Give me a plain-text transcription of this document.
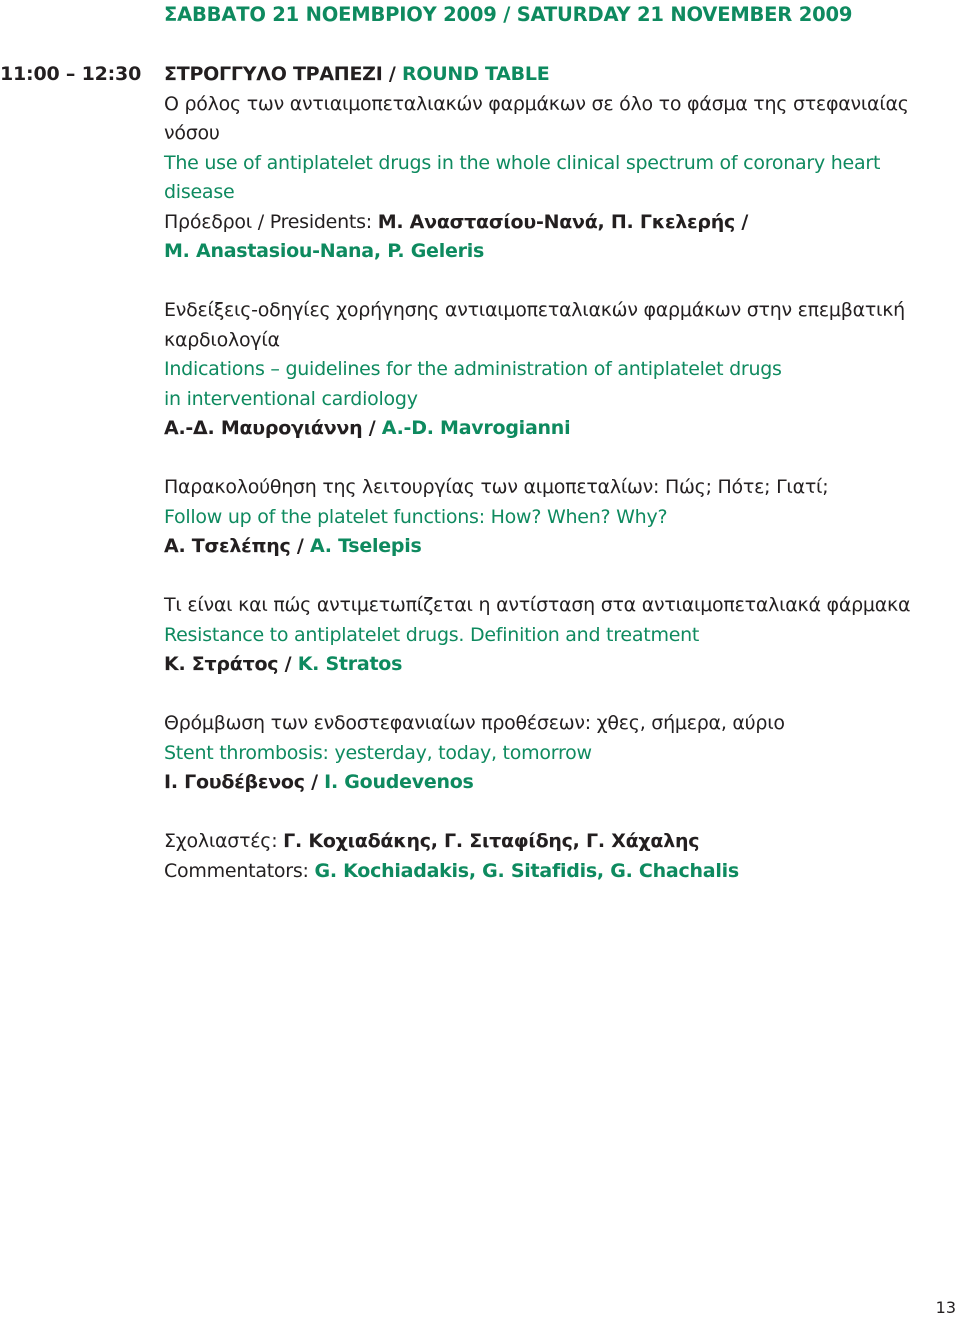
ΣΑΒΒΑΤΟ 21 ΝΟΕΜΒΡΙΟΥ 2009 / SATURDAY 21 NOVEMBER 2009
11:00 – 12:30 ΣΤΡΟΓΓΥΛΟ ΤΡΑΠΕΖΙ / ROUND TABLE
Ο ρόλος των αντιαιμοπεταλιακών φαρμάκων σε όλο το φάσμα της στεφανιαίας
νόσου
The use of antiplatelet drugs in the whole clinical spectrum of coronary heart
disease
Πρόεδροι / Presidents: Μ. Αναστασίου-Νανά, Π. Γκελερής /
M. Anastasiou-Nana, P. Geleris
Ενδείξεις-οδηγίες χορήγησης αντιαιμοπεταλιακών φαρμάκων στην επεμβατική
καρδιολογία
Indications – guidelines for the administration of antiplatelet drugs
in interventional cardiology
Α.-Δ. Μαυρογιάννη / A.-D. Mavrogianni
Παρακολούθηση της λειτουργίας των αιμοπεταλίων: Πώς; Πότε; Γιατί;
Follow up of the platelet functions: How? When? Why?
Α. Τσελέπης / A. Tselepis
Τι είναι και πώς αντιμετωπίζεται η αντίσταση στα αντιαιμοπεταλιακά φάρμακα
Resistance to antiplatelet drugs. Definition and treatment
Κ. Στράτος / K. Stratos
Θρόμβωση των ενδοστεφανιαίων προθέσεων: χθες, σήμερα, αύριο
Stent thrombosis: yesterday, today, tomorrow
Ι. Γουδέβενος / I. Goudevenos
Σχολιαστές: Γ. Κοχιαδάκης, Γ. Σιταφίδης, Γ. Χάχαλης
Commentators: G. Kochiadakis, G. Sitafidis, G. Chachalis
13
